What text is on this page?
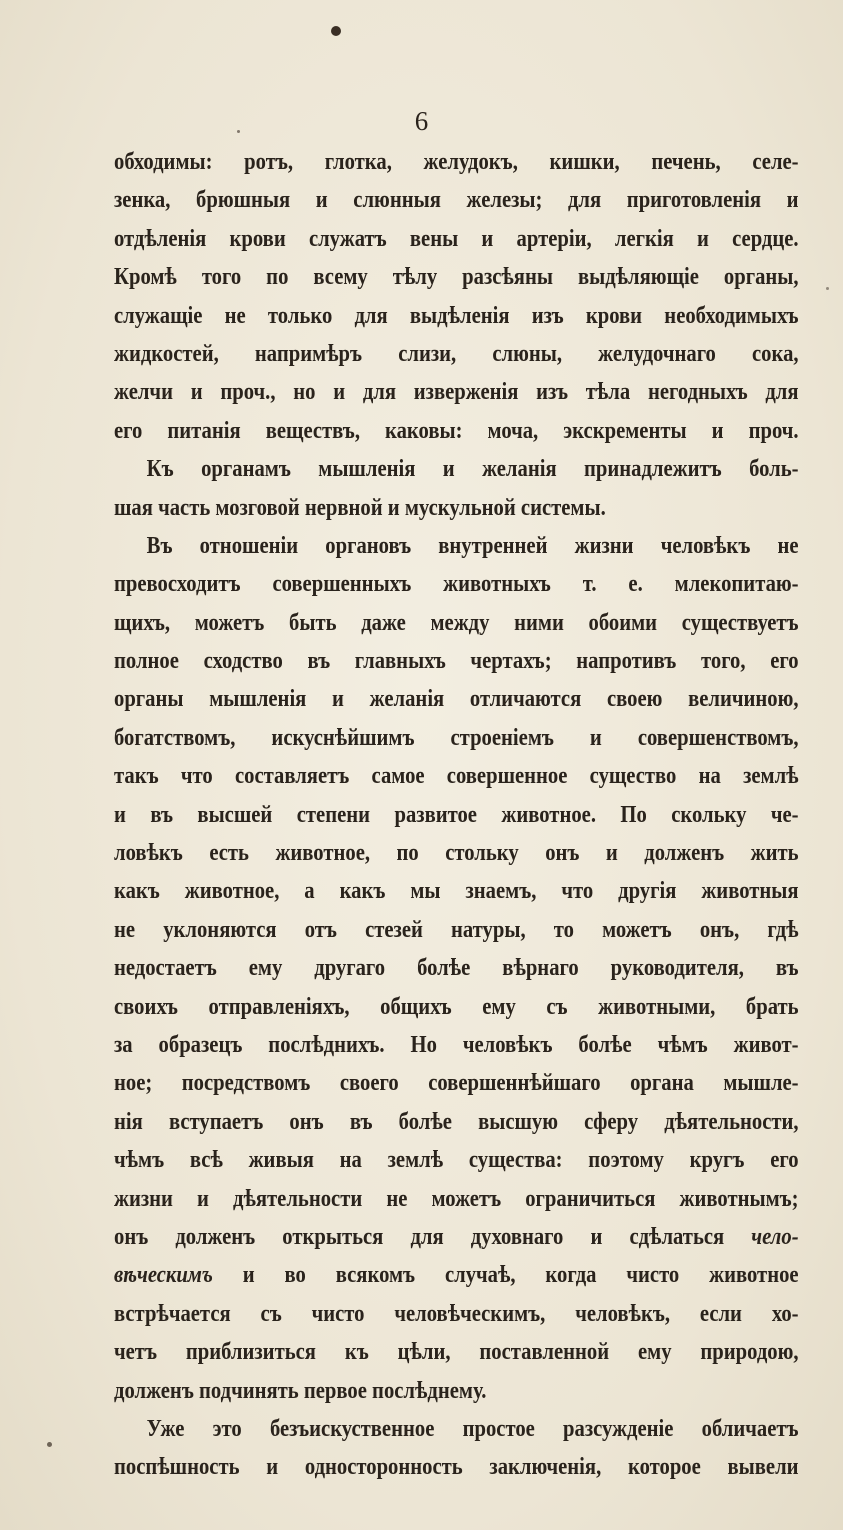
6
обходимы: ротъ, глотка, желудокъ, кишки, печень, селе-
зенка, брюшныя и слюнныя железы; для приготовленія и
отдѣленія крови служатъ вены и артеріи, легкія и сердце.
Кромѣ того по всему тѣлу разсѣяны выдѣляющіе органы,
служащіе не только для выдѣленія изъ крови необходимыхъ
жидкостей, напримѣръ слизи, слюны, желудочнаго сока,
желчи и проч., но и для изверженія изъ тѣла негодныхъ для
его питанія веществъ, каковы: моча, экскременты и проч.
Къ органамъ мышленія и желанія принадлежитъ боль-
шая часть мозговой нервной и мускульной системы.
Въ отношеніи органовъ внутренней жизни человѣкъ не
превосходитъ совершенныхъ животныхъ т. е. млекопитаю-
щихъ, можетъ быть даже между ними обоими существуетъ
полное сходство въ главныхъ чертахъ; напротивъ того, его
органы мышленія и желанія отличаются своею величиною,
богатствомъ, искуснѣйшимъ строеніемъ и совершенствомъ,
такъ что составляетъ самое совершенное существо на землѣ
и въ высшей степени развитое животное. По скольку че-
ловѣкъ есть животное, по стольку онъ и долженъ жить
какъ животное, а какъ мы знаемъ, что другія животныя
не уклоняются отъ стезей натуры, то можетъ онъ, гдѣ
недостаетъ ему другаго болѣе вѣрнаго руководителя, въ
своихъ отправленіяхъ, общихъ ему съ животными, брать
за образецъ послѣднихъ. Но человѣкъ болѣе чѣмъ живот-
ное; посредствомъ своего совершеннѣйшаго органа мышле-
нія вступаетъ онъ въ болѣе высшую сферу дѣятельности,
чѣмъ всѣ живыя на землѣ существа: поэтому кругъ его
жизни и дѣятельности не можетъ ограничиться животнымъ;
онъ долженъ открыться для духовнаго и сдѣлаться чело-
вѣческимъ и во всякомъ случаѣ, когда чисто животное
встрѣчается съ чисто человѣческимъ, человѣкъ, если хо-
четъ приблизиться къ цѣли, поставленной ему природою,
долженъ подчинять первое послѣднему.
Уже это безъискуственное простое разсужденіе обличаетъ
поспѣшность и односторонность заключенія, которое вывели
